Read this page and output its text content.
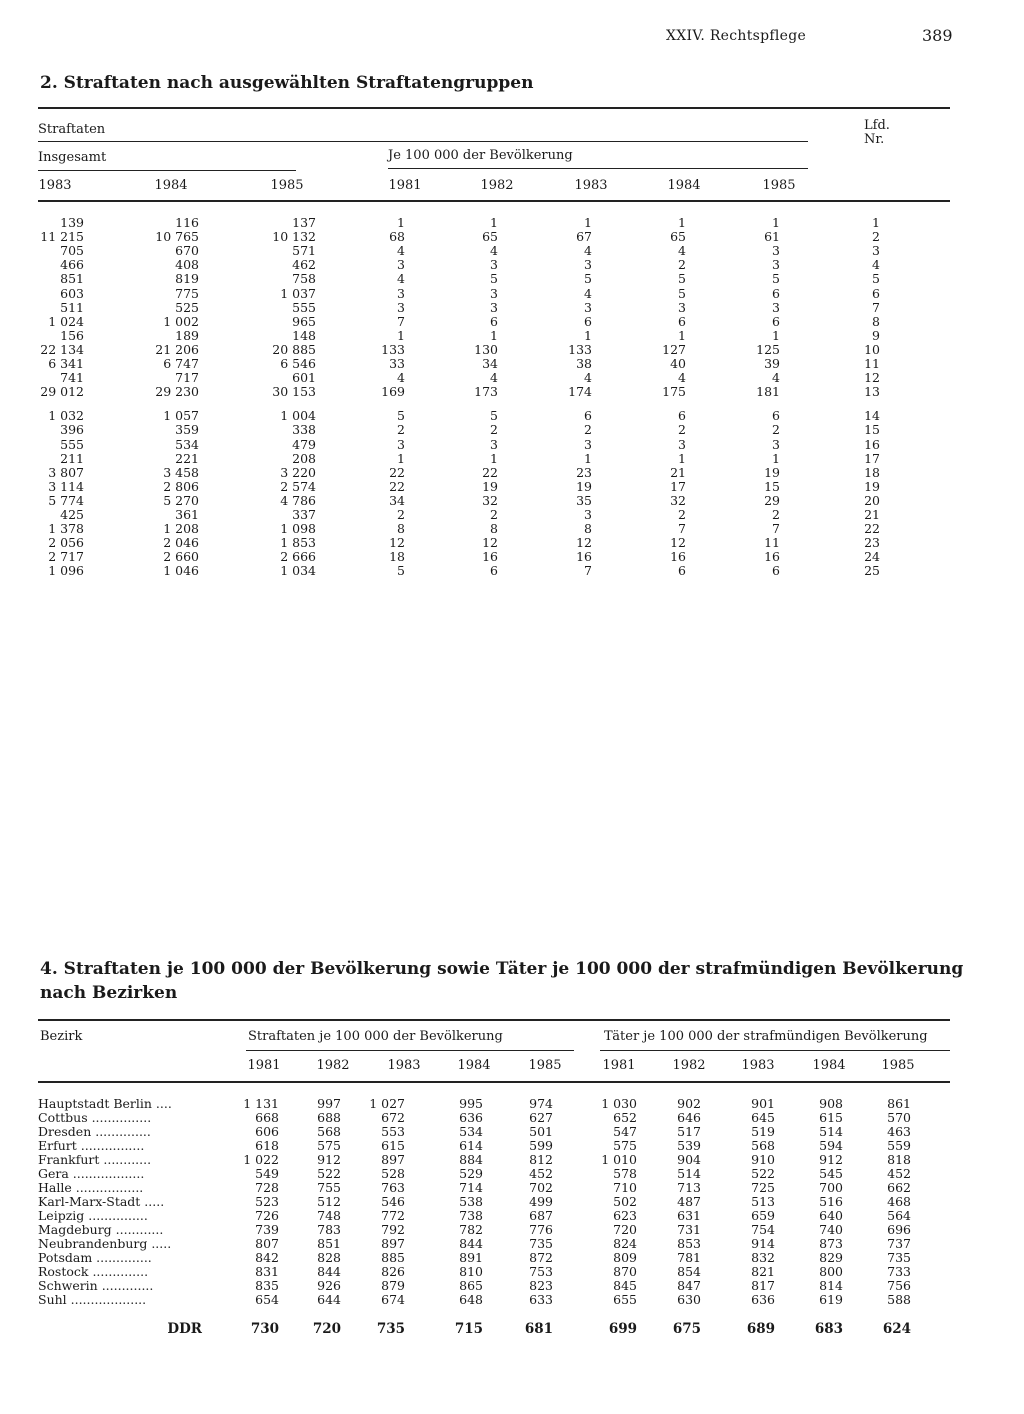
XXIV. Rechtspflege	389
2. Straftaten nach ausgewählten Straftatengruppen
Straftaten	Lfd.
Nr.
Insgesamt	Je 100 000 der Bevölkerung
1983	1984	1985	1981	1982	1983	1984	1985
139	116	137	1	1	1	1	1	1
11 215	10 765	10 132	68	65	67	65	61	2
705	670	571	4	4	4	4	3	3
466	408	462	3	3	3	2	3	4
851	819	758	4	5	5	5	5	5
603	775	1 037	3	3	4	5	6	6
511	525	555	3	3	3	3	3	7
1 024	1 002	965	7	6	6	6	6	8
156	189	148	1	1	1	1	1	9
22 134	21 206	20 885	133	130	133	127	125	10
6 341	6 747	6 546	33	34	38	40	39	11
741	717	601	4	4	4	4	4	12
29 012	29 230	30 153	169	173	174	175	181	13
1 032	1 057	1 004	5	5	6	6	6	14
396	359	338	2	2	2	2	2	15
555	534	479	3	3	3	3	3	16
211	221	208	1	1	1	1	1	17
3 807	3 458	3 220	22	22	23	21	19	18
3 114	2 806	2 574	22	19	19	17	15	19
5 774	5 270	4 786	34	32	35	32	29	20
425	361	337	2	2	3	2	2	21
1 378	1 208	1 098	8	8	8	7	7	22
2 056	2 046	1 853	12	12	12	12	11	23
2 717	2 660	2 666	18	16	16	16	16	24
1 096	1 046	1 034	5	6	7	6	6	25
4. Straftaten je 100 000 der Bevölkerung sowie Täter je 100 000 der strafmündigen Bevölkerung
nach Bezirken
Bezirk	Straftaten je 100 000 der Bevölkerung	Täter je 100 000 der strafmündigen Bevölkerung
1981	1982	1983	1984	1985	1981	1982	1983	1984	1985
Hauptstadt Berlin ....	1 131	997	1 027	995	974	1 030	902	901	908	861
Cottbus ...............	668	688	672	636	627	652	646	645	615	570
Dresden ..............	606	568	553	534	501	547	517	519	514	463
Erfurt ................	618	575	615	614	599	575	539	568	594	559
Frankfurt ............	1 022	912	897	884	812	1 010	904	910	912	818
Gera ..................	549	522	528	529	452	578	514	522	545	452
Halle .................	728	755	763	714	702	710	713	725	700	662
Karl-Marx-Stadt .....	523	512	546	538	499	502	487	513	516	468
Leipzig ...............	726	748	772	738	687	623	631	659	640	564
Magdeburg ............	739	783	792	782	776	720	731	754	740	696
Neubrandenburg .....	807	851	897	844	735	824	853	914	873	737
Potsdam ..............	842	828	885	891	872	809	781	832	829	735
Rostock ..............	831	844	826	810	753	870	854	821	800	733
Schwerin .............	835	926	879	865	823	845	847	817	814	756
Suhl ...................	654	644	674	648	633	655	630	636	619	588
DDR	730	720	735	715	681	699	675	689	683	624
